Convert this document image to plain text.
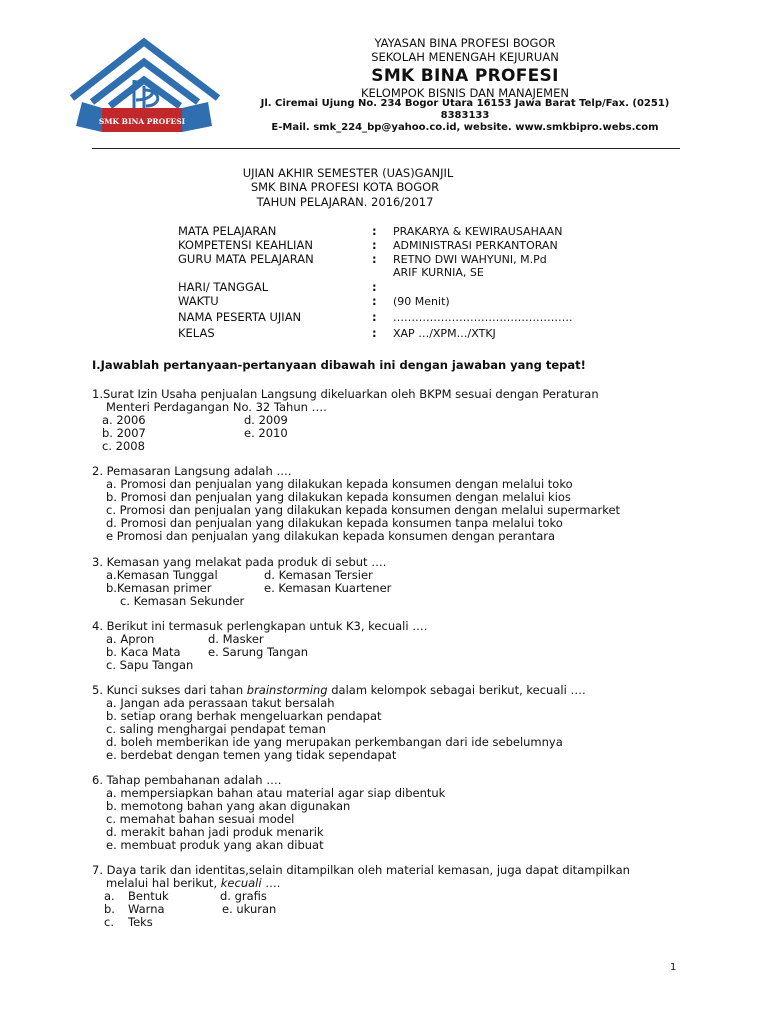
SMK BINA PROFESI
YAYASAN BINA PROFESI BOGOR
SEKOLAH MENENGAH KEJURUAN
SMK BINA PROFESI
KELOMPOK BISNIS DAN MANAJEMEN
Jl. Ciremai Ujung No. 234 Bogor Utara 16153 Jawa Barat Telp/Fax. (0251)
8383133
E-Mail. smk_224_bp@yahoo.co.id, website. www.smkbipro.webs.com
UJIAN AKHIR SEMESTER (UAS)GANJIL
SMK BINA PROFESI KOTA BOGOR
TAHUN PELAJARAN. 2016/2017
MATA PELAJARAN	: PRAKARYA & KEWIRAUSAHAAN
KOMPETENSI KEAHLIAN	: ADMINISTRASI PERKANTORAN
GURU MATA PELAJARAN	: RETNO DWI WAHYUNI, M.Pd
ARIF KURNIA, SE
HARI/ TANGGAL	:
WAKTU	: (90 Menit)
NAMA PESERTA UJIAN	: ………………………………………….
KELAS	: XAP …/XPM…/XTKJ
I.Jawablah pertanyaan-pertanyaan dibawah ini dengan jawaban yang tepat!
1.Surat Izin Usaha penjualan Langsung dikeluarkan oleh BKPM sesuai dengan Peraturan
Menteri Perdagangan No. 32 Tahun ….
a. 2006	d. 2009
b. 2007	e. 2010
c. 2008
2. Pemasaran Langsung adalah ….
a. Promosi dan penjualan yang dilakukan kepada konsumen dengan melalui toko
b. Promosi dan penjualan yang dilakukan kepada konsumen dengan melalui kios
c. Promosi dan penjualan yang dilakukan kepada konsumen dengan melalui supermarket
d. Promosi dan penjualan yang dilakukan kepada konsumen tanpa melalui toko
e Promosi dan penjualan yang dilakukan kepada konsumen dengan perantara
3. Kemasan yang melakat pada produk di sebut ….
a.Kemasan Tunggal	d. Kemasan Tersier
b.Kemasan primer	e. Kemasan Kuartener
c. Kemasan Sekunder
4. Berikut ini termasuk perlengkapan untuk K3, kecuali ….
a. Apron	d. Masker
b. Kaca Mata e. Sarung Tangan
c. Sapu Tangan
5. Kunci sukses dari tahan brainstorming dalam kelompok sebagai berikut, kecuali ….
a. Jangan ada perassaan takut bersalah
b. setiap orang berhak mengeluarkan pendapat
c. saling menghargai pendapat teman
d. boleh memberikan ide yang merupakan perkembangan dari ide sebelumnya
e. berdebat dengan temen yang tidak sependapat
6. Tahap pembahanan adalah ….
a. mempersiapkan bahan atau material agar siap dibentuk
b. memotong bahan yang akan digunakan
c. memahat bahan sesuai model
d. merakit bahan jadi produk menarik
e. membuat produk yang akan dibuat
7. Daya tarik dan identitas,selain ditampilkan oleh material kemasan, juga dapat ditampilkan
melalui hal berikut, kecuali ….
a. Bentuk	d. grafis
b. Warna	e. ukuran
c. Teks
1
